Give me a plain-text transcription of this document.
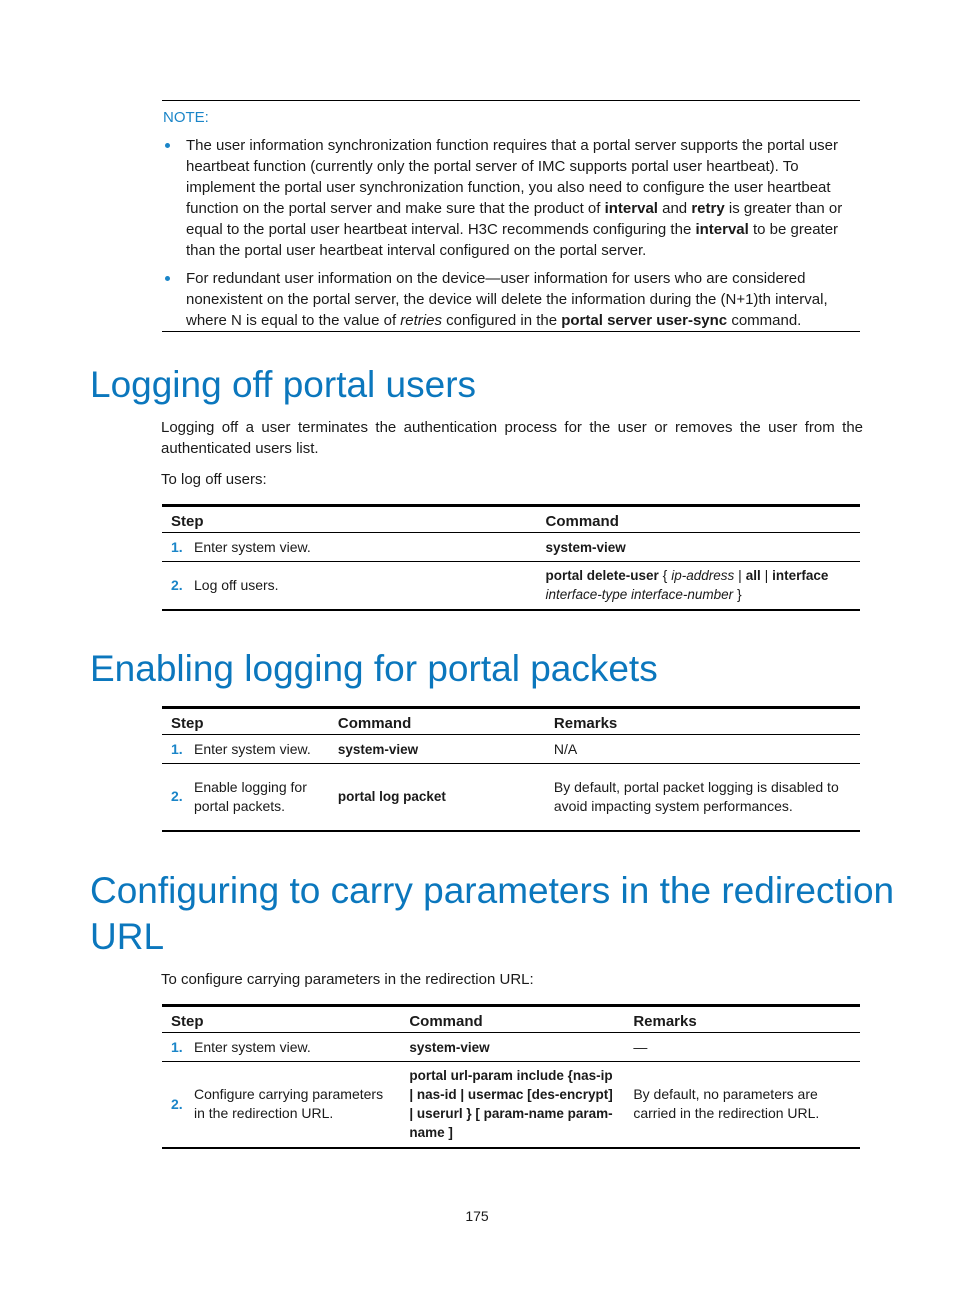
NOTE:
The user information synchronization function requires that a portal server supports the portal user heartbeat function (currently only the portal server of IMC supports portal user heartbeat). To implement the portal user synchronization function, you also need to configure the user heartbeat function on the portal server and make sure that the product of interval and retry is greater than or equal to the portal user heartbeat interval. H3C recommends configuring the interval to be greater than the portal user heartbeat interval configured on the portal server.
For redundant user information on the device—user information for users who are considered nonexistent on the portal server, the device will delete the information during the (N+1)th interval, where N is equal to the value of retries configured in the portal server user-sync command.
Logging off portal users
Logging off a user terminates the authentication process for the user or removes the user from the authenticated users list.
To log off users:
Step		Command
1.	Enter system view.	system-view
2.	Log off users.	portal delete-user { ip-address | all | interface
interface-type interface-number }
Enabling logging for portal packets
Step		Command	Remarks
1.	Enter system view.	system-view	N/A
2.	Enable logging for portal packets.	portal log packet	By default, portal packet logging is disabled to avoid impacting system performances.
Configuring to carry parameters in the redirection
URL
To configure carrying parameters in the redirection URL:
Step		Command	Remarks
1.	Enter system view.	system-view	—
2.	Configure carrying parameters in the redirection URL.	portal url-param include {nas-ip | nas-id | usermac [des-encrypt] | userurl } [ param-name param-name ]	By default, no parameters are carried in the redirection URL.
175
